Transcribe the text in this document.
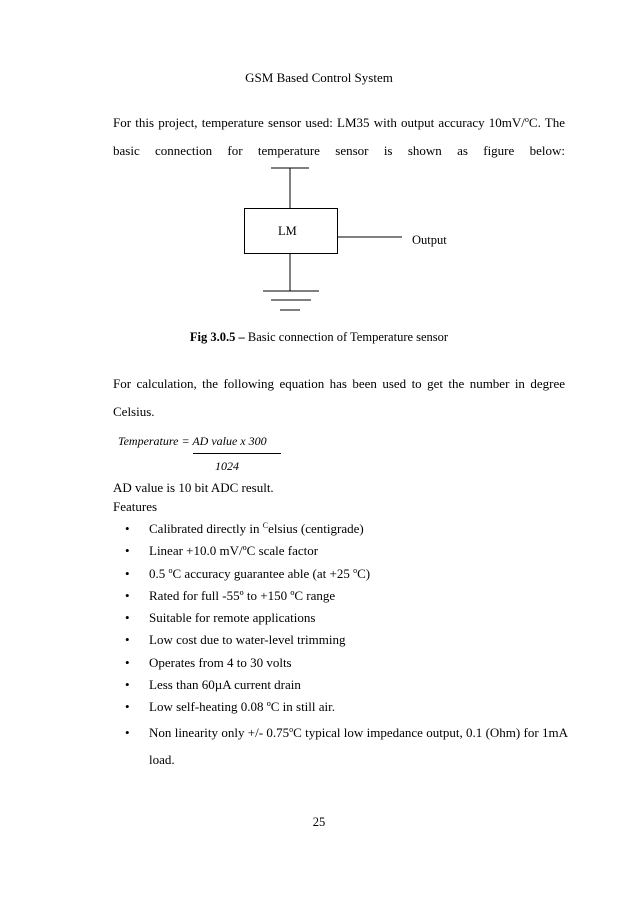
GSM Based Control System
For this project, temperature sensor used: LM35 with output accuracy 10mV/$^o$C. The
basic connection for temperature sensor is shown as figure below:
LM
Output
Fig 3.0.5 – Basic connection of Temperature sensor
For calculation, the following equation has been used to get the number in degree Celsius.
Temperature = AD value x 300
1024
AD value is 10 bit ADC result.
Features
• Calibrated directly in $^C$elsius (centigrade)
• Linear +10.0 mV/ºC scale factor
• 0.5 $^o$C accuracy guarantee able (at +25 $^o$C)
• Rated for full -55º to +150 ºC range
• Suitable for remote applications
• Low cost due to water-level trimming
• Operates from 4 to 30 volts
• Less than 60µA current drain
• Low self-heating 0.08 ºC in still air.
• Non linearity only +/- 0.75$^o$C typical low impedance output, 0.1 (Ohm) for 1mA load.
25
